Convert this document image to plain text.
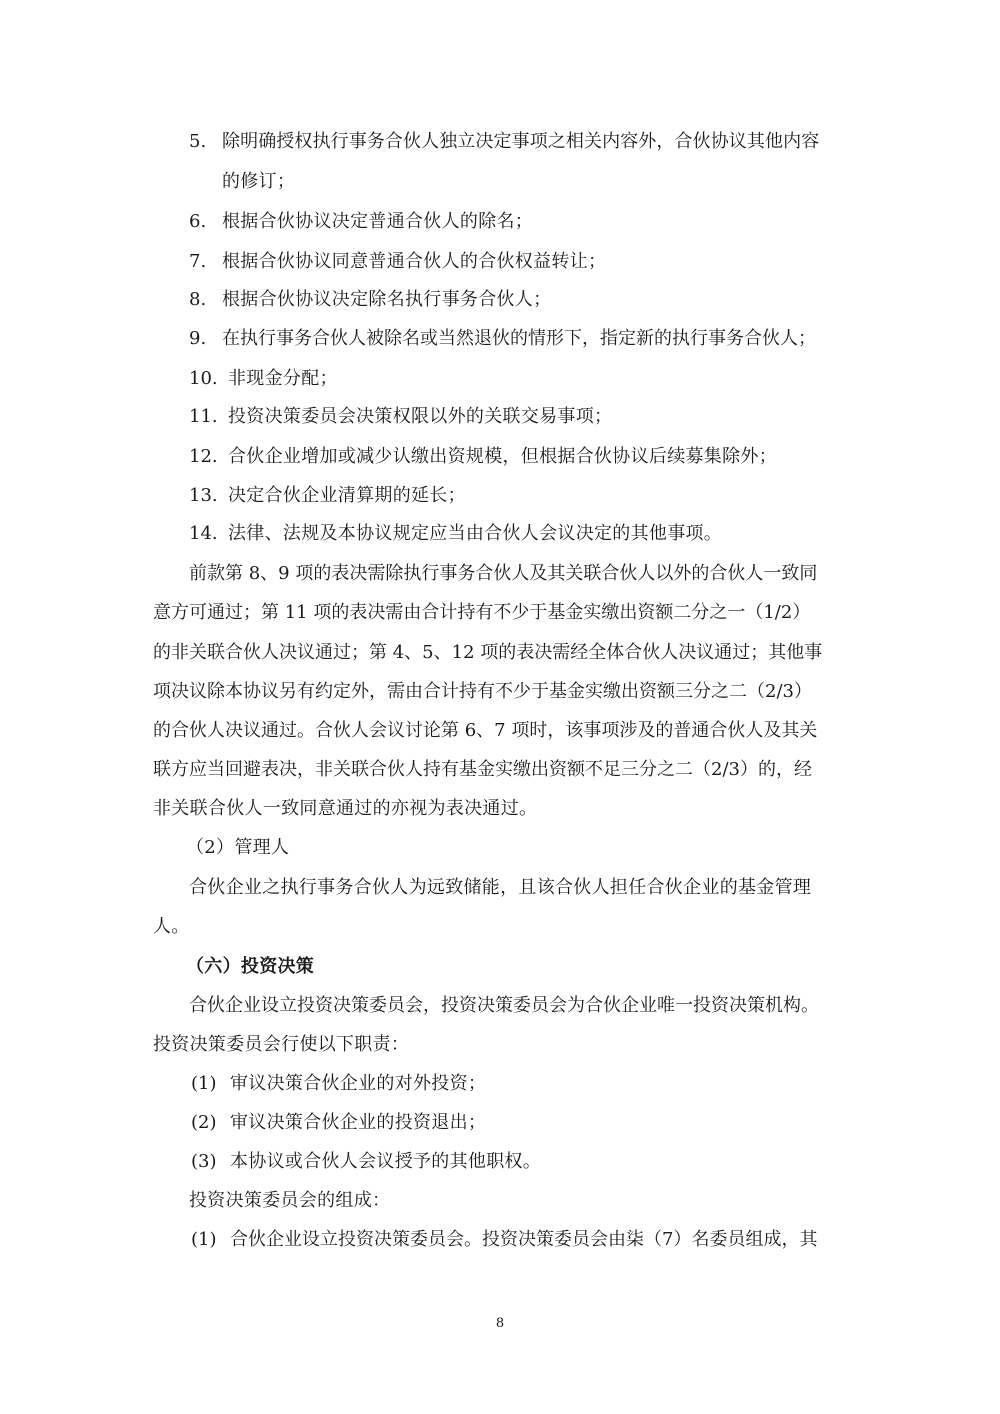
5. 除明确授权执行事务合伙人独立决定事项之相关内容外，合伙协议其他内容
的修订；
6. 根据合伙协议决定普通合伙人的除名；
7. 根据合伙协议同意普通合伙人的合伙权益转让；
8. 根据合伙协议决定除名执行事务合伙人；
9. 在执行事务合伙人被除名或当然退伙的情形下，指定新的执行事务合伙人；
10. 非现金分配；
11. 投资决策委员会决策权限以外的关联交易事项；
12. 合伙企业增加或减少认缴出资规模，但根据合伙协议后续募集除外；
13. 决定合伙企业清算期的延长；
14. 法律、法规及本协议规定应当由合伙人会议决定的其他事项。
前款第 8、9 项的表决需除执行事务合伙人及其关联合伙人以外的合伙人一致同
意方可通过；第 11 项的表决需由合计持有不少于基金实缴出资额二分之一（1/2）
的非关联合伙人决议通过；第 4、5、12 项的表决需经全体合伙人决议通过；其他事
项决议除本协议另有约定外，需由合计持有不少于基金实缴出资额三分之二（2/3）
的合伙人决议通过。合伙人会议讨论第 6、7 项时，该事项涉及的普通合伙人及其关
联方应当回避表决，非关联合伙人持有基金实缴出资额不足三分之二（2/3）的，经
非关联合伙人一致同意通过的亦视为表决通过。
（2）管理人
合伙企业之执行事务合伙人为远致储能，且该合伙人担任合伙企业的基金管理
人。
（六）投资决策
合伙企业设立投资决策委员会，投资决策委员会为合伙企业唯一投资决策机构。
投资决策委员会行使以下职责：
(1) 审议决策合伙企业的对外投资；
(2) 审议决策合伙企业的投资退出；
(3) 本协议或合伙人会议授予的其他职权。
投资决策委员会的组成：
(1) 合伙企业设立投资决策委员会。投资决策委员会由柒（7）名委员组成，其
8
